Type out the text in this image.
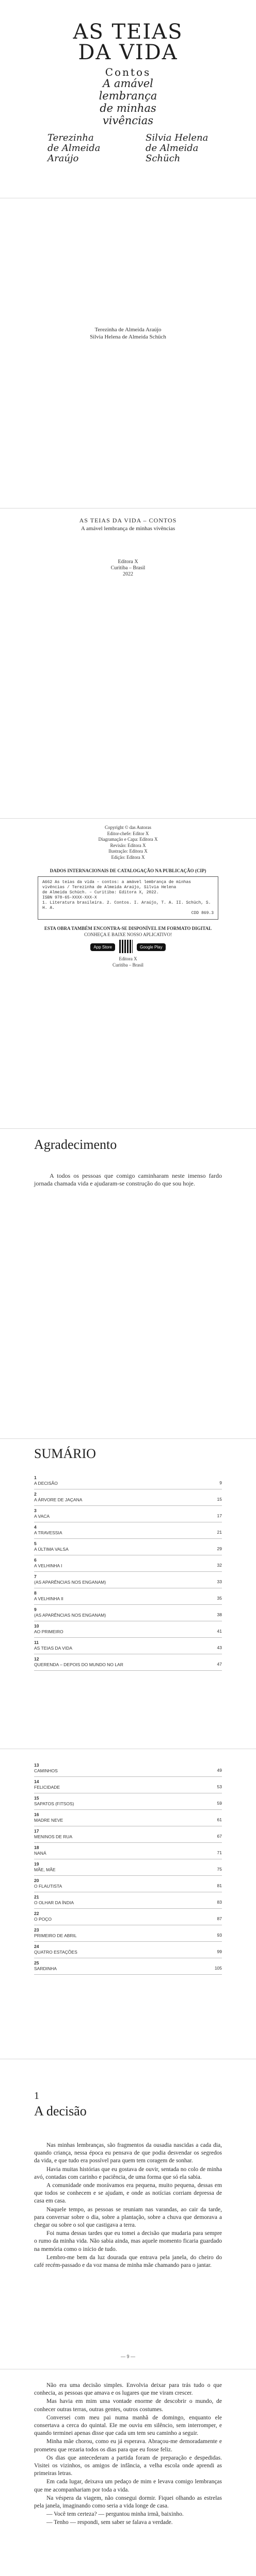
AS TEIAS
DA VIDA
Contos
A amável
lembrança
de minhas
vivências
Terezinha
de Almeida
Araújo
Silvia Helena
de Almeida
Schüch
Terezinha de Almeida Araújo
Silvia Helena de Almeida Schüch
AS TEIAS DA VIDA – CONTOS
A amável lembrança de minhas vivências
Editora X
Curitiba – Brasil
2022

Copyright © das Autoras

Editor-chefe: Editor X

Diagramação e Capa: Editora X

Revisão: Editora X

Ilustração: Editora X

Edição: Editora X

DADOS INTERNACIONAIS DE CATALOGAÇÃO NA PUBLICAÇÃO (CIP)

A662 As teias da vida – contos: a amável lembrança de minhas

vivências / Terezinha de Almeida Araújo, Silvia Helena

de Almeida Schüch. – Curitiba: Editora X, 2022.

ISBN 978-65-XXXX-XXX-X

1. Literatura brasileira. 2. Contos. I. Araújo, T. A. II. Schüch, S. H. A.

CDD 869.3

ESTA OBRA TAMBÉM ENCONTRA-SE DISPONÍVEL EM FORMATO DIGITAL

CONHEÇA E BAIXE NOSSO APLICATIVO!

App Store	Google Play

Editora X

Curitiba – Brasil

Agradecimento

A todos os pessoas que comigo caminharam neste imenso fardo jornada chamada vida e ajudaram-se construção do que sou hoje.

SUMÁRIO
1
A DECISÃO	9
2
A ÁRVORE DE JAÇANA	15
3
A VACA	17
4
A TRAVESSIA	21
5
A ÚLTIMA VALSA	29
6
A VELHINHA I	32
7
(AS APARÊNCIAS NOS ENGANAM)	33
8
A VELHINHA II	35
9
(AS APARÊNCIAS NOS ENGANAM)	38
10
AO PRIMEIRO	41
11
AS TEIAS DA VIDA	43
12
QUERENDA – DEPOIS DO MUNDO NO LAR	47
13
CAMINHOS	49
14
FELICIDADE	53
15
SAPATOS (FITSOS)	59
16
MADRE NEVE	61
17
MENINOS DE RUA	67
18
NANÁ	71
19
MÃE, MÃE	75
20
O FLAUTISTA	81
21
O OLHAR DA ÍNDIA	83
22
O POÇO	87
23
PRIMEIRO DE ABRIL	93
24
QUATRO ESTAÇÕES	99
25
SARDINHA	105
1
A decisão

Nas minhas lembranças, são fragmentos da ousadia nascidas a cada dia, quando criança, nessa época eu pensava de que podia desvendar os segredos da vida, e que tudo era possível para quem tem coragem de sonhar.

Havia muitas histórias que eu gostava de ouvir, sentada no colo de minha avó, contadas com carinho e paciência, de uma forma que só ela sabia.

A comunidade onde morávamos era pequena, muito pequena, dessas em que todos se conhecem e se ajudam, e onde as notícias corriam depressa de casa em casa.

Naquele tempo, as pessoas se reuniam nas varandas, ao cair da tarde, para conversar sobre o dia, sobre a plantação, sobre a chuva que demorava a chegar ou sobre o sol que castigava a terra.

Foi numa dessas tardes que eu tomei a decisão que mudaria para sempre o rumo da minha vida. Não sabia ainda, mas aquele momento ficaria guardado na memória como o início de tudo.

Lembro-me bem da luz dourada que entrava pela janela, do cheiro do café recém-passado e da voz mansa de minha mãe chamando para o jantar.

— 9 —

Não era uma decisão simples. Envolvia deixar para trás tudo o que conhecia, as pessoas que amava e os lugares que me viram crescer.

Mas havia em mim uma vontade enorme de descobrir o mundo, de conhecer outras terras, outras gentes, outros costumes.

Conversei com meu pai numa manhã de domingo, enquanto ele consertava a cerca do quintal. Ele me ouviu em silêncio, sem interromper, e quando terminei apenas disse que cada um tem seu caminho a seguir.

Minha mãe chorou, como eu já esperava. Abraçou-me demoradamente e prometeu que rezaria todos os dias para que eu fosse feliz.

Os dias que antecederam a partida foram de preparação e despedidas. Visitei os vizinhos, os amigos de infância, a velha escola onde aprendi as primeiras letras.

Em cada lugar, deixava um pedaço de mim e levava comigo lembranças que me acompanhariam por toda a vida.

Na véspera da viagem, não consegui dormir. Fiquei olhando as estrelas pela janela, imaginando como seria a vida longe de casa.

— Você tem certeza? — perguntou minha irmã, baixinho.

— Tenho — respondi, sem saber se falava a verdade.
